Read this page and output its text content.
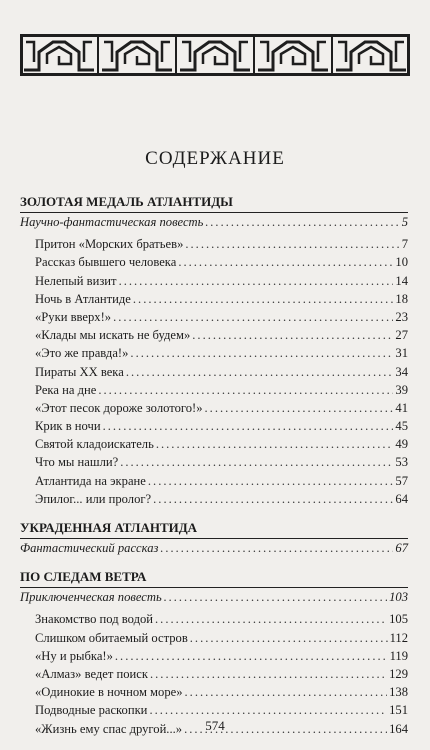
СОДЕРЖАНИЕ
ЗОЛОТАЯ МЕДАЛЬ АТЛАНТИДЫ
Научно-фантастическая повесть .....	5
Притон «Морских братьев» .....	7
Рассказ бывшего человека .....	10
Нелепый визит .....	14
Ночь в Атлантиде .....	18
«Руки вверх!» .....	23
«Клады мы искать не будем» .....	27
«Это же правда!» .....	31
Пираты XX века .....	34
Река на дне .....	39
«Этот песок дороже золотого!» .....	41
Крик в ночи .....	45
Святой кладоискатель .....	49
Что мы нашли? .....	53
Атлантида на экране .....	57
Эпилог... или пролог? .....	64
УКРАДЕННАЯ АТЛАНТИДА
Фантастический рассказ .....	67
ПО СЛЕДАМ ВЕТРА
Приключенческая повесть .....	103
Знакомство под водой .....	105
Слишком обитаемый остров .....	112
«Ну и рыбка!» .....	119
«Алмаз» ведет поиск .....	129
«Одинокие в ночном море» .....	138
Подводные раскопки .....	151
«Жизнь ему спас другой...» .....	164
574
